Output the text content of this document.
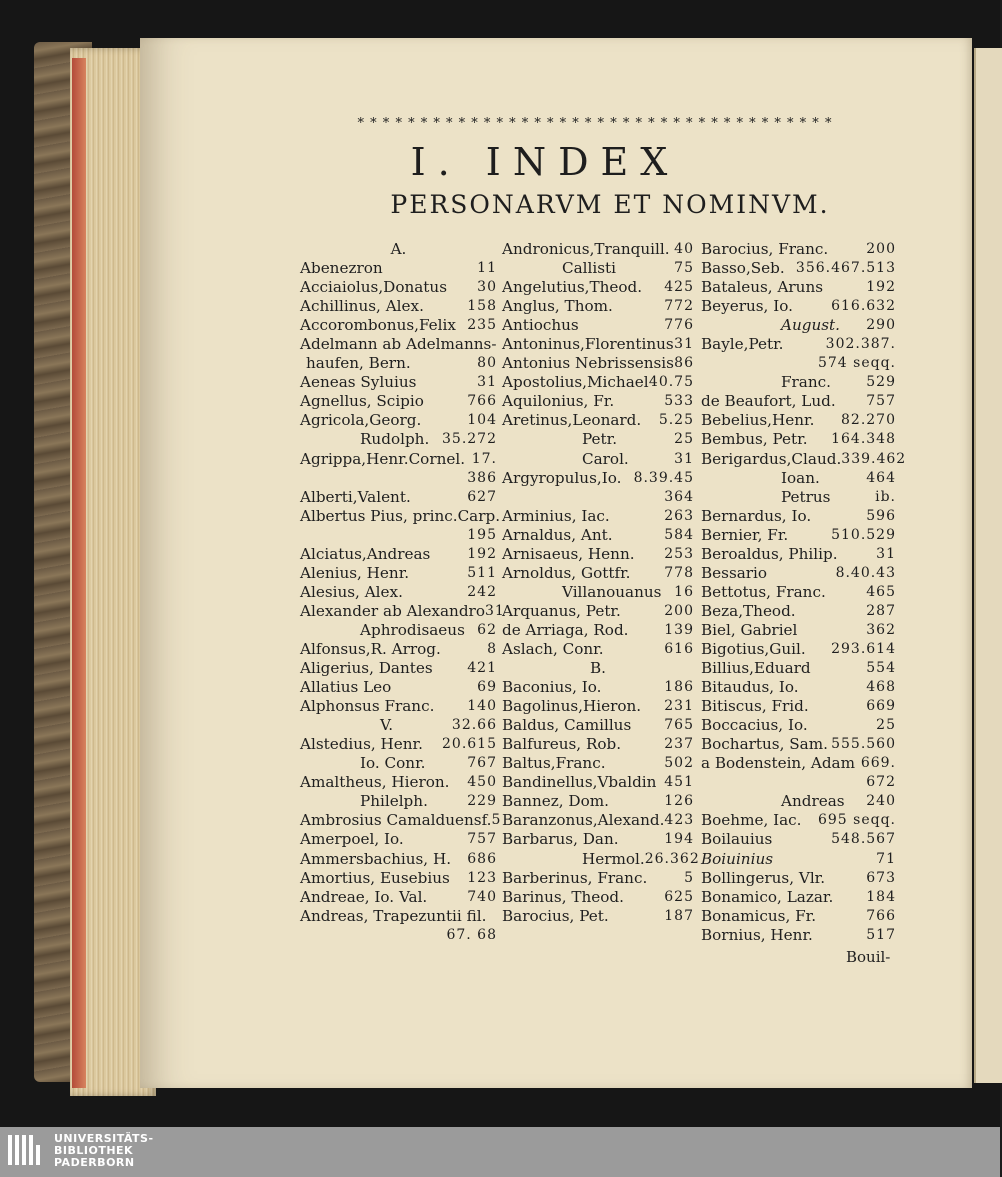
* * * * * * * * * * * * * * * * * * * * * * * * * * * * * * * * * * * * * *
I. INDEX
PERSONARVM ET NOMINVM.
A.
Abenezron	11
Acciaiolus,Donatus 30
Achillinus, Alex.	158
Accorombonus,Felix 235
Adelmann ab Adelmanns-
haufen, Bern.	80
Aeneas Syluius	31
Agnellus, Scipio	766
Agricola,Georg.	104
Rudolph. 35.272
Agrippa,Henr.Cornel. 17.
386
Alberti,Valent.	627
Albertus Pius, princ.Carp.
195
Alciatus,Andreas	192
Alenius, Henr.	511
Alesius, Alex.	242
Alexander ab Alexandro 31
Aphrodisaeus 62
Alfonsus,R. Arrog.	8
Aligerius, Dantes 421
Allatius Leo	69
Alphonsus Franc. 140
V.	32.66
Alstedius, Henr. 20.615
Io. Conr.	767
Amaltheus, Hieron. 450
Philelph.	229
Ambrosius Camalduensf. 5
Amerpoel, Io.	757
Ammersbachius, H. 686
Amortius, Eusebius 123
Andreae, Io. Val.	740
Andreas, Trapezuntii fil.
67. 68
Andronicus,Tranquill. 40
Callisti	75
Angelutius,Theod. 425
Anglus, Thom.	772
Antiochus	776
Antoninus,Florentinus 31
Antonius Nebrissensis 86
Apostolius,Michael 40.75
Aquilonius, Fr.	533
Aretinus,Leonard. 5.25
Petr.	25
Carol.	31
Argyropulus,Io. 8.39.45
364
Arminius, Iac.	263
Arnaldus, Ant.	584
Arnisaeus, Henn. 253
Arnoldus, Gottfr. 778
Villanouanus 16
Arquanus, Petr.	200
de Arriaga, Rod.	139
Aslach, Conr.	616
B.
Baconius, Io.	186
Bagolinus,Hieron. 231
Baldus, Camillus 765
Balfureus, Rob.	237
Baltus,Franc.	502
Bandinellus,Vbaldin 451
Bannez, Dom.	126
Baranzonus,Alexand. 423
Barbarus, Dan.	194
Hermol. 26.362
Barberinus, Franc.	5
Barinus, Theod.	625
Barocius, Pet.	187
Barocius, Franc.	200
Basso,Seb. 356.467.513
Bataleus, Aruns	192
Beyerus, Io.	616.632
August. 290
Bayle,Petr.	302.387.
574 seqq.
Franc.	529
de Beaufort, Lud. 757
Bebelius,Henr. 82.270
Bembus, Petr. 164.348
Berigardus,Claud. 339.462
Ioan.	464
Petrus	ib.
Bernardus, Io.	596
Bernier, Fr.	510.529
Beroaldus, Philip.	31
Bessario	8.40.43
Bettotus, Franc.	465
Beza,Theod.	287
Biel, Gabriel	362
Bigotius,Guil. 293.614
Billius,Eduard	554
Bitaudus, Io.	468
Bitiscus, Frid.	669
Boccacius, Io.	25
Bochartus, Sam. 555.560
a Bodenstein, Adam 669.
672
Andreas 240
Boehme, Iac. 695 seqq.
Boilauius	548.567
Boiuinius	71
Bollingerus, Vlr.	673
Bonamico, Lazar. 184
Bonamicus, Fr.	766
Bornius, Henr.	517
Bouil-
UNIVERSITÄTS-
BIBLIOTHEK
PADERBORN
